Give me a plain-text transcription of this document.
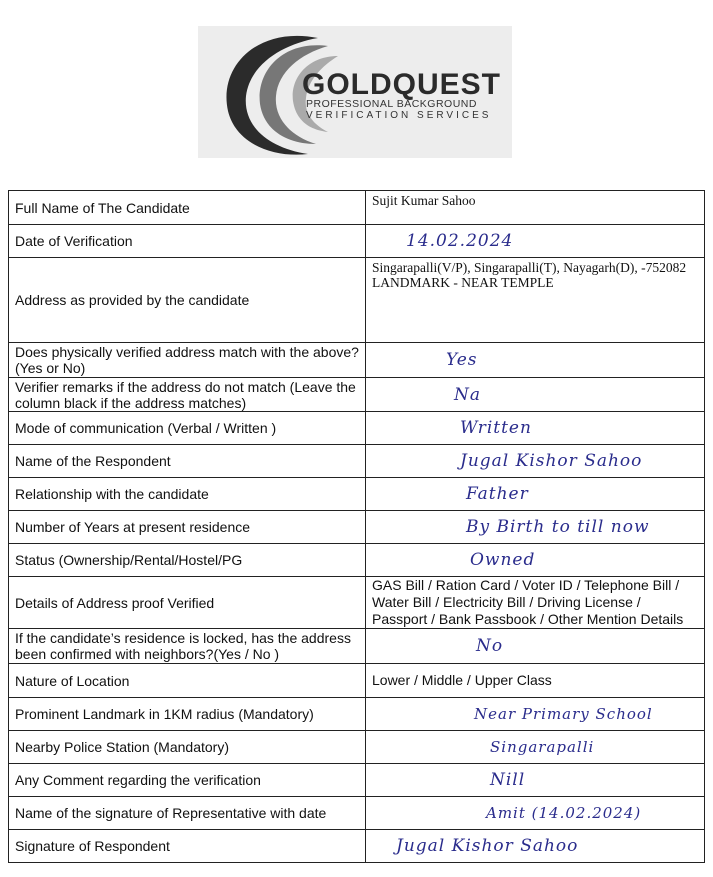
GOLDQUEST
PROFESSIONAL BACKGROUND
VERIFICATION SERVICES
Full Name of The Candidate	Sujit Kumar Sahoo
Date of Verification	14.02.2024
Address as provided by the candidate	Singarapalli(V/P), Singarapalli(T), Nayagarh(D), -752082 LANDMARK - NEAR TEMPLE
Does physically verified address match with the above? (Yes or No)	Yes
Verifier remarks if the address do not match (Leave the column black if the address matches)	Na
Mode of communication (Verbal / Written )	Written
Name of the Respondent	Jugal Kishor Sahoo
Relationship with the candidate	Father
Number of Years at present residence	By Birth to till now
Status (Ownership/Rental/Hostel/PG	Owned
Details of Address proof Verified	GAS Bill / Ration Card / Voter ID / Telephone Bill / Water Bill / Electricity Bill / Driving License / Passport / Bank Passbook / Other Mention Details
If the candidate’s residence is locked, has the address been confirmed with neighbors?(Yes / No )	No
Nature of Location	Lower / Middle / Upper Class
Prominent Landmark in 1KM radius (Mandatory)	Near Primary School
Nearby Police Station (Mandatory)	Singarapalli
Any Comment regarding the verification	Nill
Name of the signature of Representative with date	Amit (14.02.2024)
Signature of Respondent	Jugal Kishor Sahoo
